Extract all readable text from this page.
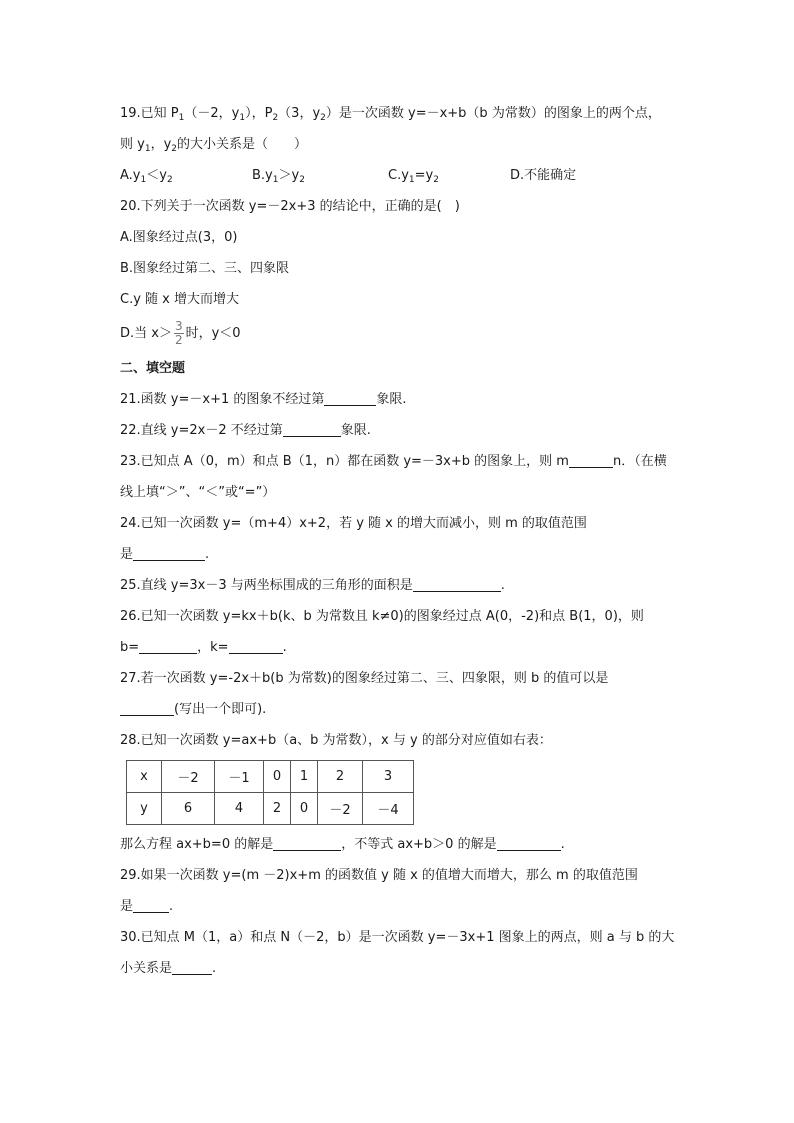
19.已知 $P_1(-2$，$y_1$），$P_2(3$，$y_2$）是一次函数 y=－x+b（b 为常数）的图象上的两个点，
则 $y_1$，$y_2$的大小关系是（　　）
A.y1＜y2	B.y1＞y2	C.y1=y2	D.不能确定
20.下列关于一次函数 y=－2x+3 的结论中，正确的是(　)
A.图象经过点(3，0)
B.图象经过第二、三、四象限
C.y 随 x 增大而增大
D.当 $x> \frac{3}{2}$ 时，y＜0
二、填空题
21.函数 y=－x+1 的图象不经过第	象限.
22.直线 y=2x－2 不经过第	象限.
23.已知点 A（0，m）和点 B（1，n）都在函数 y=－3x+b 的图象上，则 m	n．（在横
线上填“＞”、“＜”或“=”）
24.已知一次函数 y=（m+4）x+2，若 y 随 x 的增大而减小，则 m 的取值范围
是	.
25.直线 y=3x－3 与两坐标围成的三角形的面积是	.
26.已知一次函数 y=kx＋b(k、b 为常数且 k≠0)的图象经过点 A(0，-2)和点 B(1，0)，则
b=	，k=	.
27.若一次函数 y=-2x＋b(b 为常数)的图象经过第二、三、四象限，则 b 的值可以是
(写出一个即可).
28.已知一次函数 y=ax+b（a、b 为常数），x 与 y 的部分对应值如右表：
x	－2	－1	0	1	2	3
y	6	4	2	0	－2	－4
那么方程 ax+b=0 的解是	，不等式 ax+b＞0 的解是	.
29.如果一次函数 y=(m －2)x+m 的函数值 y 随 x 的值增大而增大，那么 m 的取值范围
是	.
30.已知点 M（1，a）和点 N（－2，b）是一次函数 y=－3x+1 图象上的两点，则 a 与 b 的大
小关系是	.
